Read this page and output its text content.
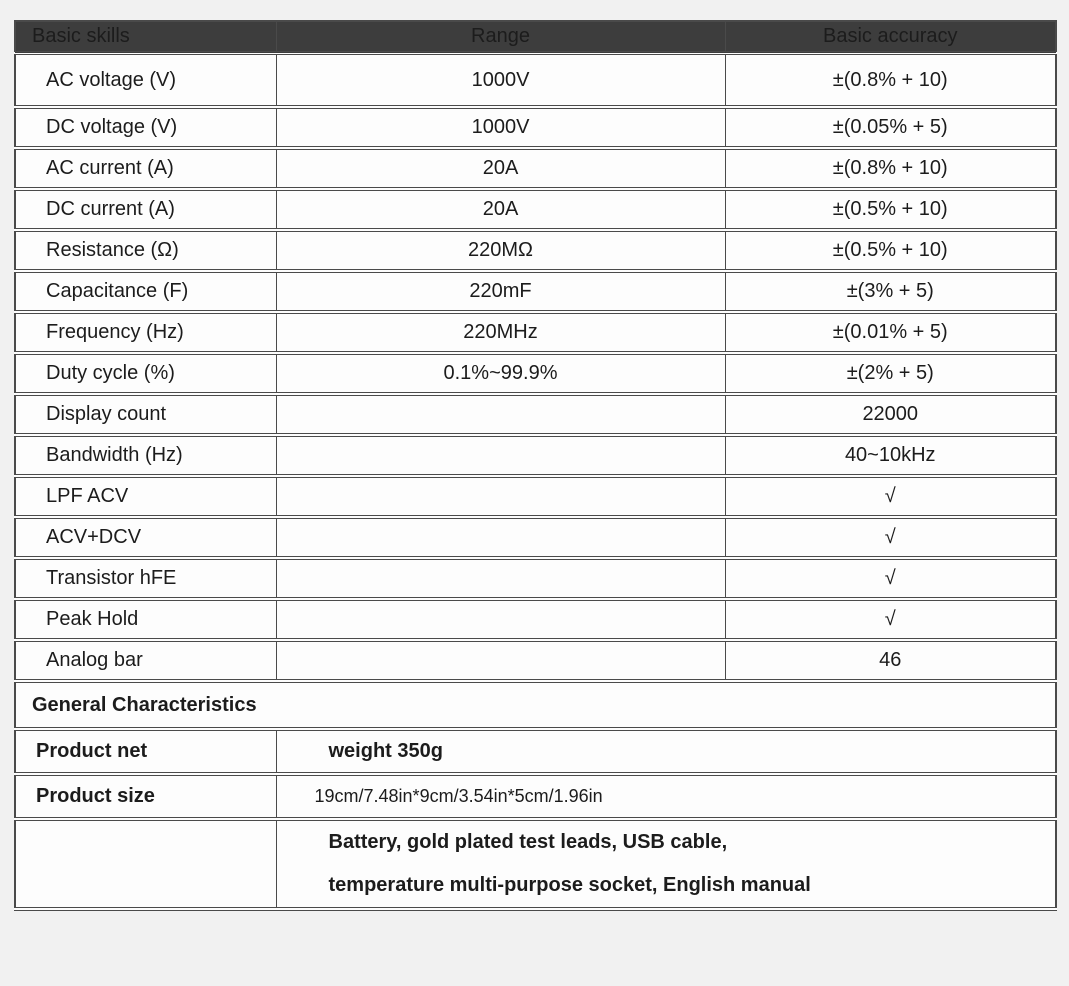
Basic skills	Range	Basic accuracy
AC voltage (V)	1000V	±(0.8% + 10)
DC voltage (V)	1000V	±(0.05% + 5)
AC current (A)	20A	±(0.8% + 10)
DC current (A)	20A	±(0.5% + 10)
Resistance (Ω)	220MΩ	±(0.5% + 10)
Capacitance (F)	220mF	±(3% + 5)
Frequency (Hz)	220MHz	±(0.01% + 5)
Duty cycle (%)	0.1%~99.9%	±(2% + 5)
Display count		22000
Bandwidth (Hz)		40~10kHz
LPF ACV		√
ACV+DCV		√
Transistor hFE		√
Peak Hold		√
Analog bar		46
General Characteristics		
Product net	weight 350g	
Product size	19cm/7.48in*9cm/3.54in*5cm/1.96in	

	Battery, gold plated test leads, USB cable,
temperature multi-purpose socket, English manual	
